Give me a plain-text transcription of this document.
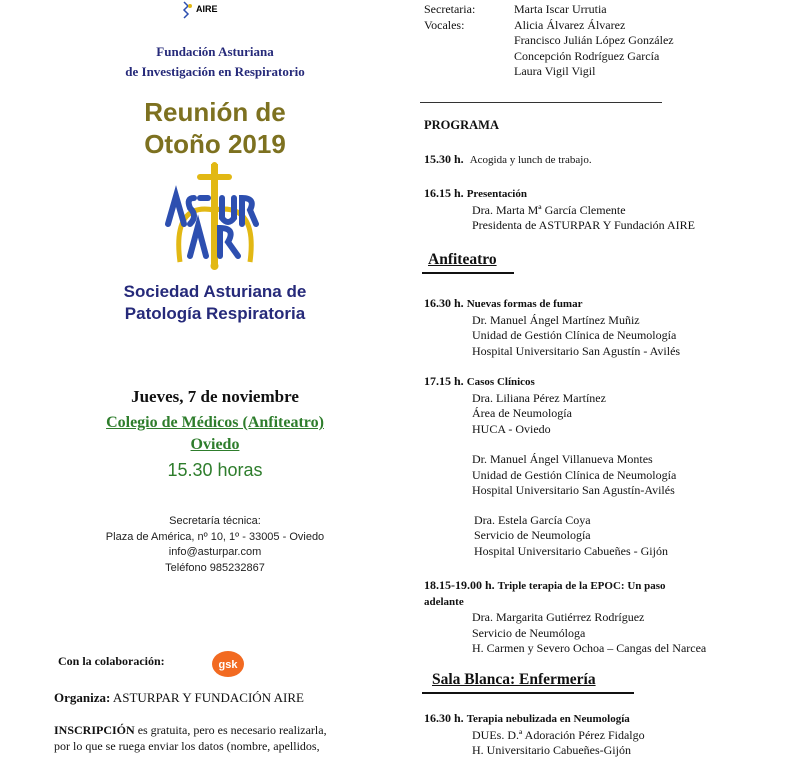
AIRE
Fundación Asturiana
de Investigación en Respiratorio
Reunión de
Otoño 2019
Sociedad Asturiana de
Patología Respiratoria
Jueves, 7 de noviembre
Colegio de Médicos (Anfiteatro)
Oviedo
15.30 horas
Secretaría técnica:
Plaza de América, nº 10, 1º - 33005 - Oviedo
info@asturpar.com
Teléfono 985232867
Con la colaboración:	gsk
Organiza: ASTURPAR Y FUNDACIÓN AIRE
INSCRIPCIÓN es gratuita, pero es necesario realizarla,
por lo que se ruega enviar los datos (nombre, apellidos,
Secretaria:	Marta Iscar Urrutia
Vocales:	Alicia Álvarez Álvarez
Francisco Julián López González
Concepción Rodríguez García
Laura Vigil Vigil
PROGRAMA
15.30 h. Acogida y lunch de trabajo.
16.15 h. Presentación
Dra. Marta Mª García Clemente
Presidenta de ASTURPAR Y Fundación AIRE
Anfiteatro
16.30 h. Nuevas formas de fumar
Dr. Manuel Ángel Martínez Muñiz
Unidad de Gestión Clínica de Neumología
Hospital Universitario San Agustín - Avilés
17.15 h. Casos Clínicos
Dra. Liliana Pérez Martínez
Área de Neumología
HUCA - Oviedo
Dr. Manuel Ángel Villanueva Montes
Unidad de Gestión Clínica de Neumología
Hospital Universitario San Agustín-Avilés
Dra. Estela García Coya
Servicio de Neumología
Hospital Universitario Cabueñes - Gijón
18.15-19.00 h. Triple terapia de la EPOC: Un paso
adelante
Dra. Margarita Gutiérrez Rodríguez
Servicio de Neumóloga
H. Carmen y Severo Ochoa – Cangas del Narcea
Sala Blanca: Enfermería
16.30 h. Terapia nebulizada en Neumología
DUEs. D.ª Adoración Pérez Fidalgo
H. Universitario Cabueñes-Gijón
